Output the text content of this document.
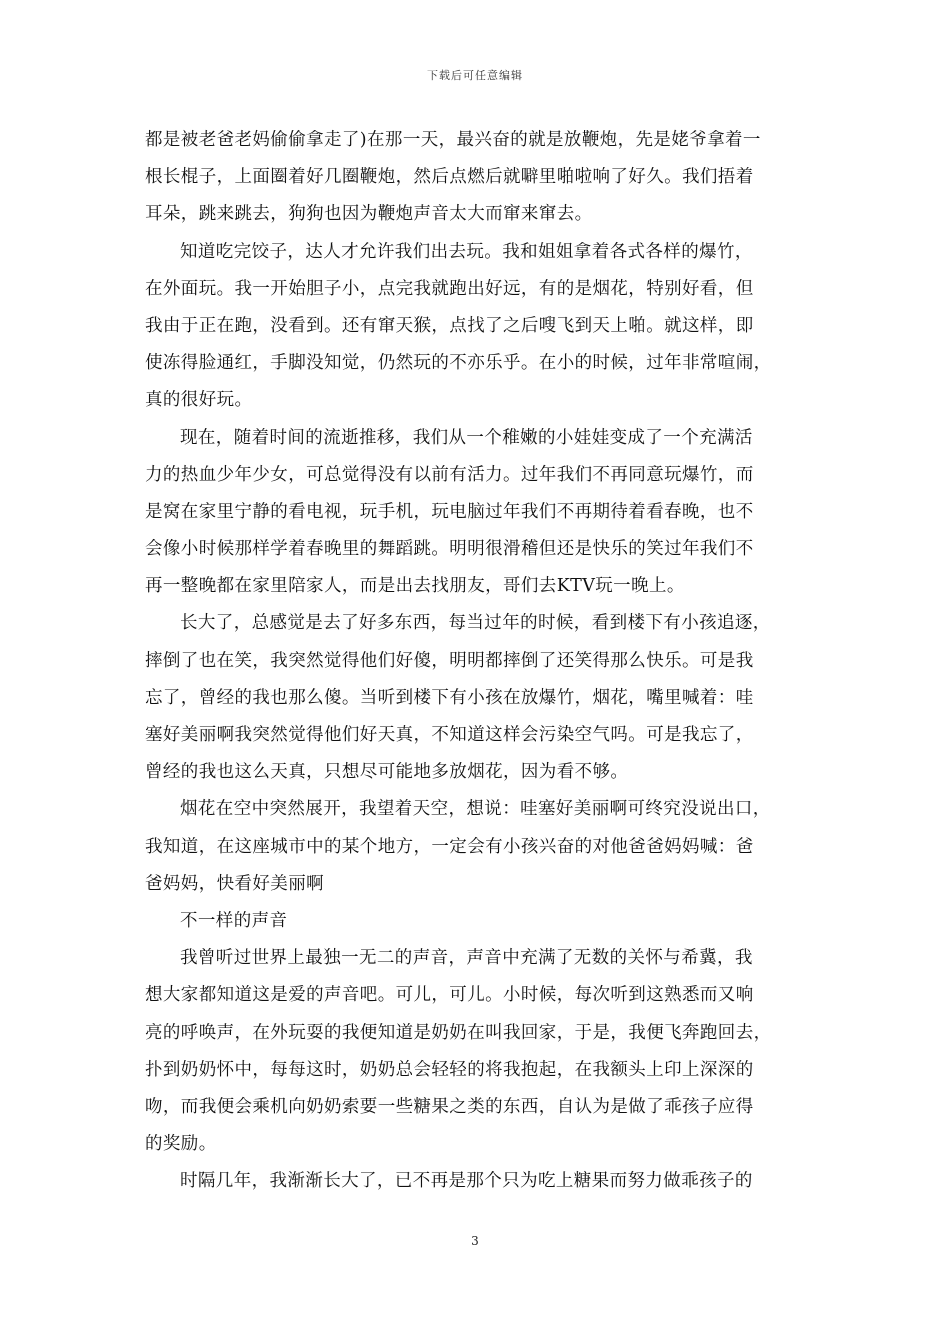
下载后可任意编辑
都是被老爸老妈偷偷拿走了)在那一天，最兴奋的就是放鞭炮，先是姥爷拿着一
根长棍子，上面圈着好几圈鞭炮，然后点燃后就噼里啪啦响了好久。我们捂着
耳朵，跳来跳去，狗狗也因为鞭炮声音太大而窜来窜去。
知道吃完饺子，达人才允许我们出去玩。我和姐姐拿着各式各样的爆竹，
在外面玩。我一开始胆子小，点完我就跑出好远，有的是烟花，特别好看，但
我由于正在跑，没看到。还有窜天猴，点找了之后嗖飞到天上啪。就这样，即
使冻得脸通红，手脚没知觉，仍然玩的不亦乐乎。在小的时候，过年非常喧闹，
真的很好玩。
现在，随着时间的流逝推移，我们从一个稚嫩的小娃娃变成了一个充满活
力的热血少年少女，可总觉得没有以前有活力。过年我们不再同意玩爆竹，而
是窝在家里宁静的看电视，玩手机，玩电脑过年我们不再期待着看春晚，也不
会像小时候那样学着春晚里的舞蹈跳。明明很滑稽但还是快乐的笑过年我们不
再一整晚都在家里陪家人，而是出去找朋友，哥们去KTV玩一晚上。
长大了，总感觉是去了好多东西，每当过年的时候，看到楼下有小孩追逐，
摔倒了也在笑，我突然觉得他们好傻，明明都摔倒了还笑得那么快乐。可是我
忘了，曾经的我也那么傻。当听到楼下有小孩在放爆竹，烟花，嘴里喊着：哇
塞好美丽啊我突然觉得他们好天真，不知道这样会污染空气吗。可是我忘了，
曾经的我也这么天真，只想尽可能地多放烟花，因为看不够。
烟花在空中突然展开，我望着天空，想说：哇塞好美丽啊可终究没说出口，
我知道，在这座城市中的某个地方，一定会有小孩兴奋的对他爸爸妈妈喊：爸
爸妈妈，快看好美丽啊
不一样的声音
我曾听过世界上最独一无二的声音，声音中充满了无数的关怀与希冀，我
想大家都知道这是爱的声音吧。可儿，可儿。小时候，每次听到这熟悉而又响
亮的呼唤声，在外玩耍的我便知道是奶奶在叫我回家，于是，我便飞奔跑回去，
扑到奶奶怀中，每每这时，奶奶总会轻轻的将我抱起，在我额头上印上深深的
吻，而我便会乘机向奶奶索要一些糖果之类的东西，自认为是做了乖孩子应得
的奖励。
时隔几年，我渐渐长大了，已不再是那个只为吃上糖果而努力做乖孩子的
3
